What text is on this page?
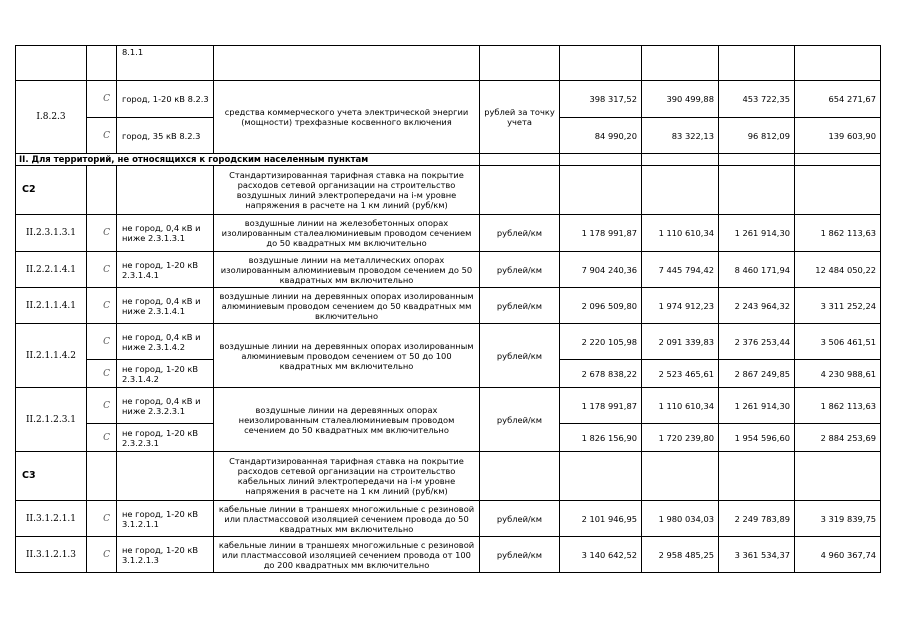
		8.1.1						
I.8.2.3	C	город, 1-20 кВ 8.2.3	средства коммерческого учета электрической энергии (мощности) трехфазные косвенного включения	рублей за точку учета	398 317,52	390 499,88	453 722,35	654 271,67
	C	город, 35 кВ 8.2.3			84 990,20	83 322,13	96 812,09	139 603,90
II. Для территорий, не относящихся к городским населенным пунктам								
C2			Стандартизированная тарифная ставка на покрытие расходов сетевой организации на строительство воздушных линий электропередачи на i-м уровне напряжения в расчете на 1 км линий (руб/км)					
II.2.3.1.3.1	C	не город, 0,4 кВ и ниже 2.3.1.3.1	воздушные линии на железобетонных опорах изолированным сталеалюминиевым проводом сечением до 50 квадратных мм включительно	рублей/км	1 178 991,87	1 110 610,34	1 261 914,30	1 862 113,63
II.2.2.1.4.1	C	не город, 1-20 кВ 2.3.1.4.1	воздушные линии на металлических опорах изолированным алюминиевым проводом сечением до 50 квадратных мм включительно	рублей/км	7 904 240,36	7 445 794,42	8 460 171,94	12 484 050,22
II.2.1.1.4.1	C	не город, 0,4 кВ и ниже 2.3.1.4.1	воздушные линии на деревянных опорах изолированным алюминиевым проводом сечением до 50 квадратных мм включительно	рублей/км	2 096 509,80	1 974 912,23	2 243 964,32	3 311 252,24
II.2.1.1.4.2	C	не город, 0,4 кВ и ниже 2.3.1.4.2	воздушные линии на деревянных опорах изолированным алюминиевым проводом сечением от 50 до 100 квадратных мм включительно	рублей/км	2 220 105,98	2 091 339,83	2 376 253,44	3 506 461,51
	C	не город, 1-20 кВ 2.3.1.4.2			2 678 838,22	2 523 465,61	2 867 249,85	4 230 988,61
II.2.1.2.3.1	C	не город, 0,4 кВ и ниже 2.3.2.3.1	воздушные линии на деревянных опорах неизолированным сталеалюминиевым проводом сечением до 50 квадратных мм включительно	рублей/км	1 178 991,87	1 110 610,34	1 261 914,30	1 862 113,63
	C	не город, 1-20 кВ 2.3.2.3.1			1 826 156,90	1 720 239,80	1 954 596,60	2 884 253,69
C3			Стандартизированная тарифная ставка на покрытие расходов сетевой организации на строительство кабельных линий электропередачи на i-м уровне напряжения в расчете на 1 км линий (руб/км)					
II.3.1.2.1.1	C	не город, 1-20 кВ 3.1.2.1.1	кабельные линии в траншеях многожильные с резиновой или пластмассовой изоляцией сечением провода до 50 квадратных мм включительно	рублей/км	2 101 946,95	1 980 034,03	2 249 783,89	3 319 839,75
II.3.1.2.1.3	C	не город, 1-20 кВ 3.1.2.1.3	кабельные линии в траншеях многожильные с резиновой или пластмассовой изоляцией сечением провода от 100 до 200 квадратных мм включительно	рублей/км	3 140 642,52	2 958 485,25	3 361 534,37	4 960 367,74
